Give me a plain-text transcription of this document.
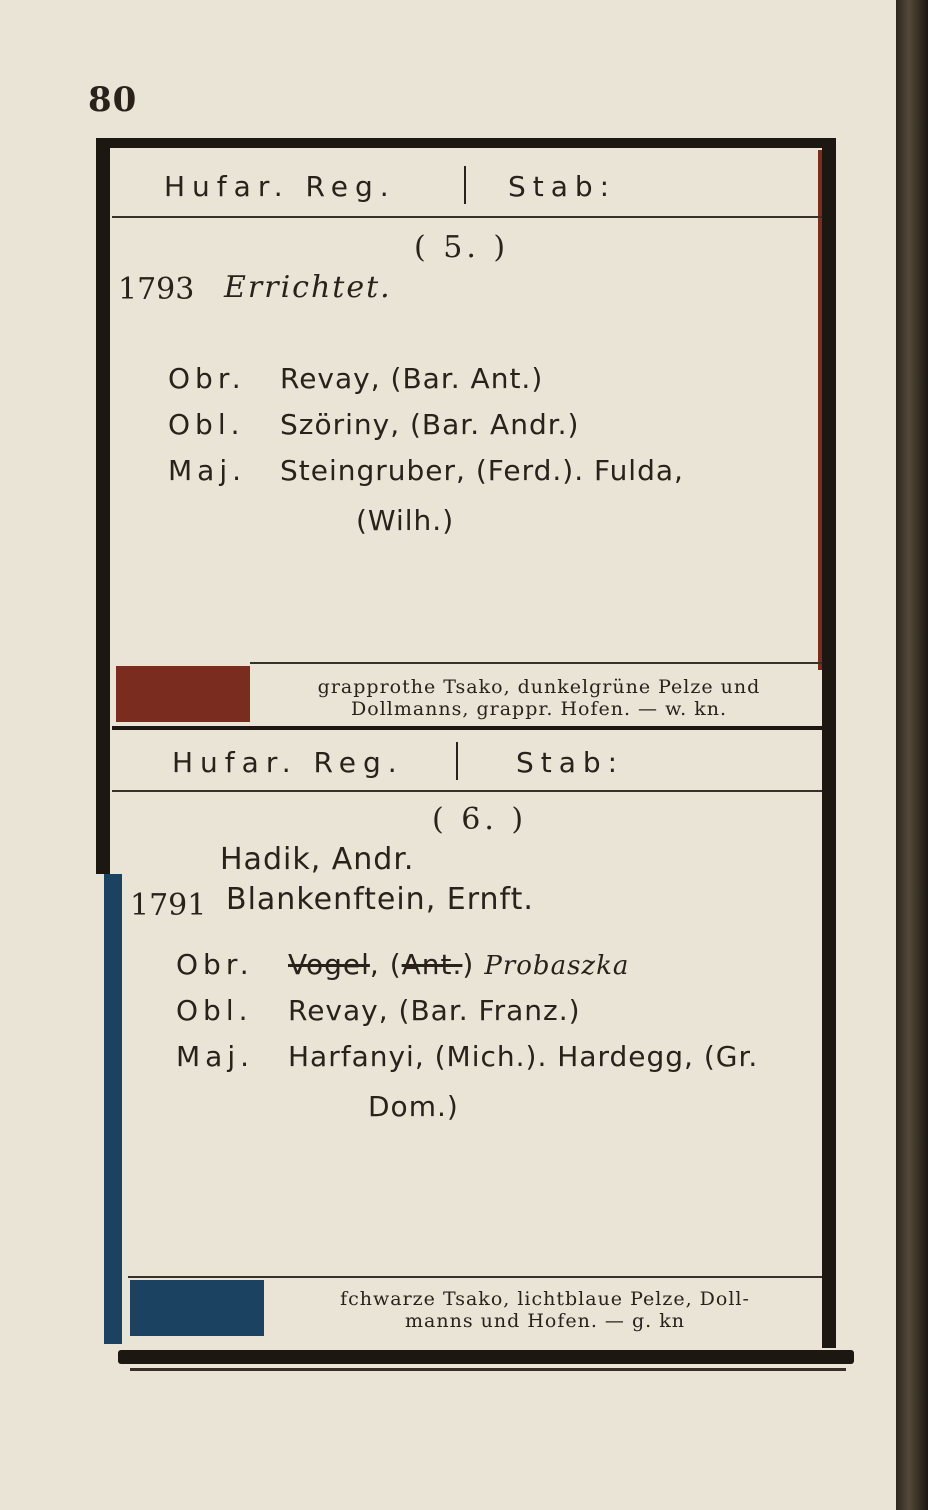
80
Hufar. Reg.	Stab:
( 5. )
1793 Errichtet.
Obr. Revay, (Bar. Ant.)
Obl. Szöriny, (Bar. Andr.)
Maj. Steingruber, (Ferd.). Fulda,
(Wilh.)
grapprothe Tsako, dunkelgrüne Pelze und
Dollmanns, grappr. Hofen. — w. kn.
Hufar. Reg.	Stab:
( 6. )
Hadik, Andr.
1791 Blankenftein, Ernft.
Obr. Vogel, (Ant.) Probaszka
Obl. Revay, (Bar. Franz.)
Maj. Harfanyi, (Mich.). Hardegg, (Gr.
Dom.)
fchwarze Tsako, lichtblaue Pelze, Doll-
manns und Hofen. — g. kn
